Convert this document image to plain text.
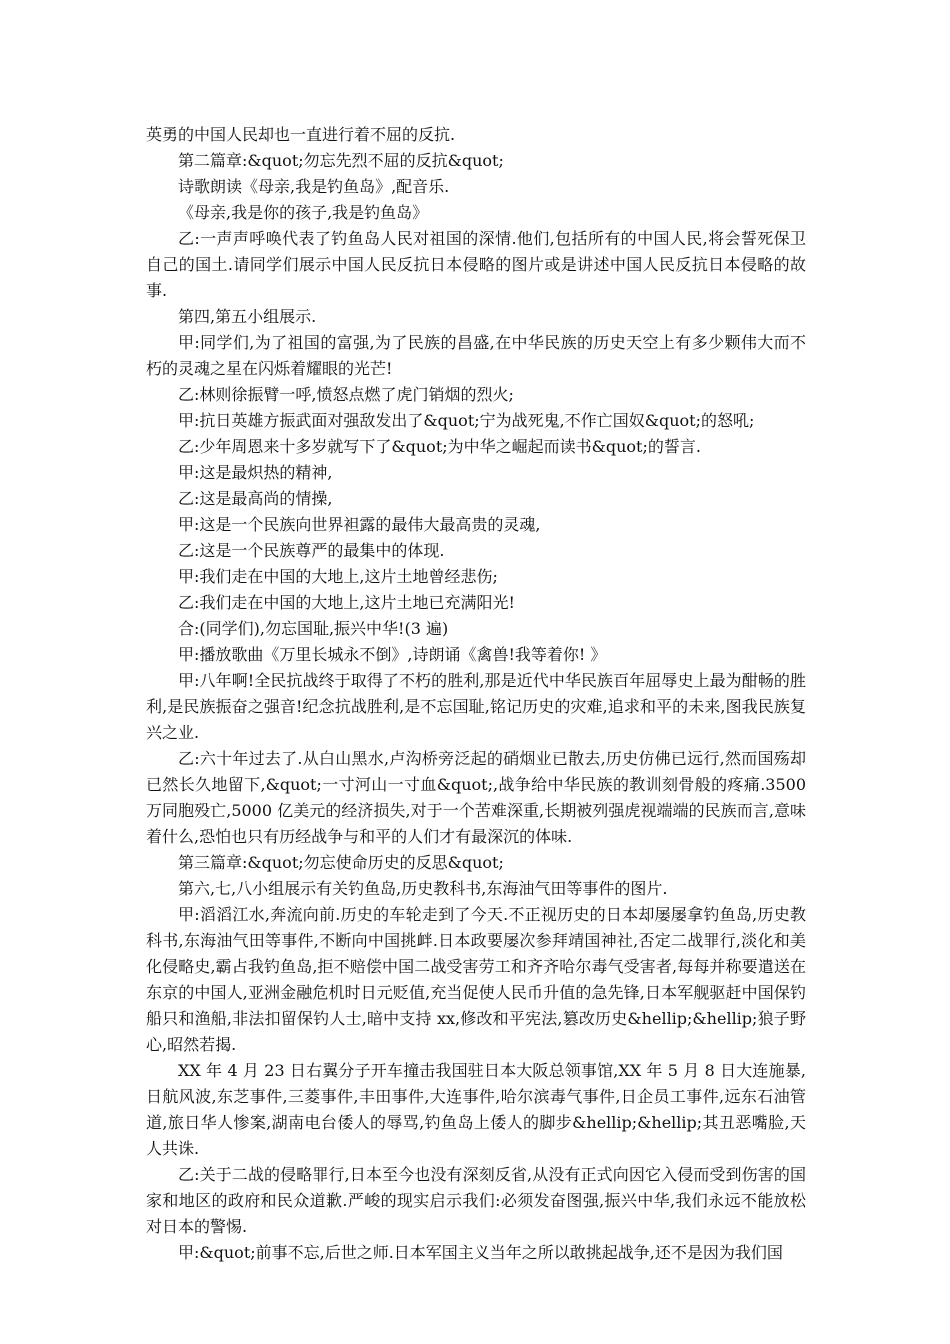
英勇的中国人民却也一直进行着不屈的反抗.

第二篇章:&quot;勿忘先烈不屈的反抗&quot;

诗歌朗读《母亲,我是钓鱼岛》,配音乐.

《母亲,我是你的孩子,我是钓鱼岛》

乙:一声声呼唤代表了钓鱼岛人民对祖国的深情.他们,包括所有的中国人民,将会誓死保卫自己的国土.请同学们展示中国人民反抗日本侵略的图片或是讲述中国人民反抗日本侵略的故事.

第四,第五小组展示.

甲:同学们,为了祖国的富强,为了民族的昌盛,在中华民族的历史天空上有多少颗伟大而不朽的灵魂之星在闪烁着耀眼的光芒!

乙:林则徐振臂一呼,愤怒点燃了虎门销烟的烈火;

甲:抗日英雄方振武面对强敌发出了&quot;宁为战死鬼,不作亡国奴&quot;的怒吼;

乙:少年周恩来十多岁就写下了&quot;为中华之崛起而读书&quot;的誓言.

甲:这是最炽热的精神,

乙:这是最高尚的情操,

甲:这是一个民族向世界袒露的最伟大最高贵的灵魂,

乙:这是一个民族尊严的最集中的体现.

甲:我们走在中国的大地上,这片土地曾经悲伤;

乙:我们走在中国的大地上,这片土地已充满阳光!

合:(同学们),勿忘国耻,振兴中华!(3 遍)

甲:播放歌曲《万里长城永不倒》,诗朗诵《禽兽!我等着你! 》

甲:八年啊!全民抗战终于取得了不朽的胜利,那是近代中华民族百年屈辱史上最为酣畅的胜利,是民族振奋之强音!纪念抗战胜利,是不忘国耻,铭记历史的灾难,追求和平的未来,图我民族复兴之业.

乙:六十年过去了.从白山黑水,卢沟桥旁泛起的硝烟业已散去,历史仿佛已远行,然而国殇却已然长久地留下,&quot;一寸河山一寸血&quot;,战争给中华民族的教训刻骨般的疼痛.3500 万同胞殁亡,5000 亿美元的经济损失,对于一个苦难深重,长期被列强虎视端端的民族而言,意味着什么,恐怕也只有历经战争与和平的人们才有最深沉的体味.

第三篇章:&quot;勿忘使命历史的反思&quot;

第六,七,八小组展示有关钓鱼岛,历史教科书,东海油气田等事件的图片.

甲:滔滔江水,奔流向前.历史的车轮走到了今天.不正视历史的日本却屡屡拿钓鱼岛,历史教科书,东海油气田等事件,不断向中国挑衅.日本政要屡次参拜靖国神社,否定二战罪行,淡化和美化侵略史,霸占我钓鱼岛,拒不赔偿中国二战受害劳工和齐齐哈尔毒气受害者,每每并称要遣送在东京的中国人,亚洲金融危机时日元贬值,充当促使人民币升值的急先锋,日本军舰驱赶中国保钓船只和渔船,非法扣留保钓人士,暗中支持 xx,修改和平宪法,篡改历史&hellip;&hellip;狼子野心,昭然若揭.

XX 年 4 月 23 日右翼分子开车撞击我国驻日本大阪总领事馆,XX 年 5 月 8 日大连施暴,日航风波,东芝事件,三菱事件,丰田事件,大连事件,哈尔滨毒气事件,日企员工事件,远东石油管道,旅日华人惨案,湖南电台倭人的辱骂,钓鱼岛上倭人的脚步&hellip;&hellip;其丑恶嘴脸,天人共诛.

乙:关于二战的侵略罪行,日本至今也没有深刻反省,从没有正式向因它入侵而受到伤害的国家和地区的政府和民众道歉.严峻的现实启示我们:必须发奋图强,振兴中华,我们永远不能放松对日本的警惕.

甲:&quot;前事不忘,后世之师.日本军国主义当年之所以敢挑起战争,还不是因为我们国
